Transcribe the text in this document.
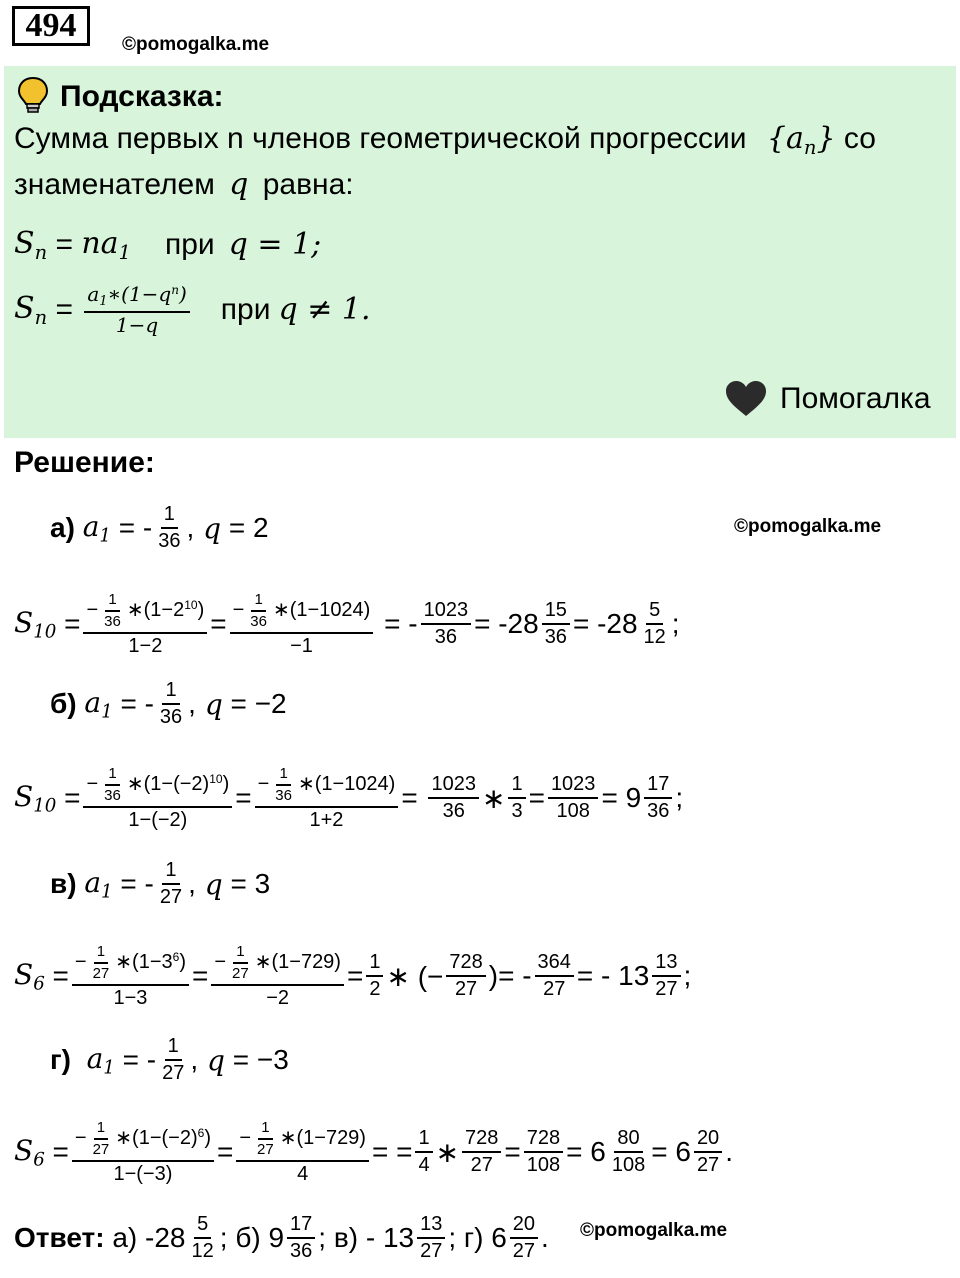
494
©pomogalka.me
Подсказка:
Сумма первых n членов геометрической прогрессии $\{a_n\}$ со
знаменателем q равна:
$S_n = na_1$ при q = 1;
$S_n = \frac{a_1∗(1-q^n)}{1-q}$ при q ≠ 1.
Помогалка
Решение:
а)
$a_1$ = - $\frac{1}{36}$ , q = 2	©pomogalka.me
$S_{10} = \frac{- \frac{1}{36} ∗(1-2^{10})}{1-2} = \frac{- \frac{1}{36} ∗(1-1024)}{-1}$ = - $\frac{1023}{36} = -28 \frac{15}{36} = -28 \frac{5}{12}$ ;
б)
$a_1$ = - $\frac{1}{36}$ , q = −2
$S_{10} = \frac{- \frac{1}{36} ∗(1-(-2)^{10})}{1-(-2)} = \frac{- \frac{1}{36} ∗(1-1024)}{1+2} = \frac{1023}{36}$ ∗ $\frac{1}{3} = \frac{1023}{108} = 9 \frac{17}{36}$ ;
в)
$a_1$ = - $\frac{1}{27}$ , q = 3
$S_6 = \frac{- \frac{1}{27} ∗(1-3^6)}{1-3} = \frac{- \frac{1}{27} ∗(1-729)}{-2} = \frac{1}{2}$ ∗ (− $\frac{728}{27}$ )= - $\frac{364}{27}$ = - $13 \frac{13}{27}$ ;
г)
$a_1$ = - $\frac{1}{27}$ , q = −3
$S_6 = \frac{- \frac{1}{27} ∗(1-(-2)^6)}{1-(-3)} = \frac{- \frac{1}{27} ∗(1-729)}{4}$ = = $\frac{1}{4}$ ∗ $\frac{728}{27} = \frac{728}{108} = 6 \frac{80}{108} = 6 \frac{20}{27}$ .
Ответ:
а) $-28 \frac{5}{12}$ ; б) $9 \frac{17}{36}$ ; $в) - 13 \frac{13}{27}$ ; г) $6 \frac{20}{27}$ . ©pomogalka.me
